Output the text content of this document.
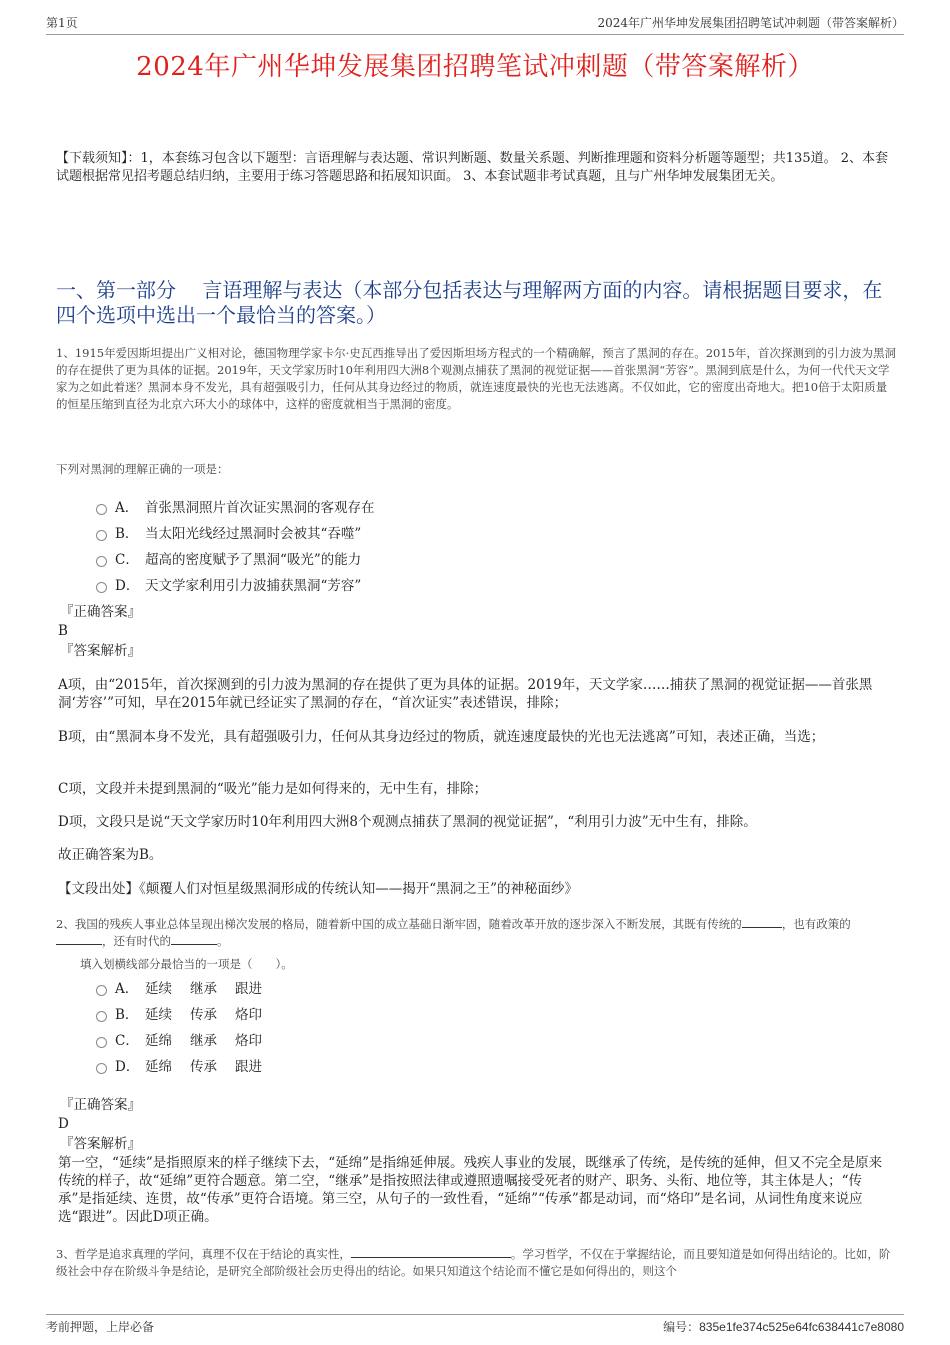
第1页	2024年广州华坤发展集团招聘笔试冲刺题（带答案解析）
2024年广州华坤发展集团招聘笔试冲刺题（带答案解析）
【下载须知】：1，本套练习包含以下题型：言语理解与表达题、常识判断题、数量关系题、判断推理题和资料分析题等题型；共135道。 2、本套试题根据常见招考题总结归纳，主要用于练习答题思路和拓展知识面。 3、本套试题非考试真题，且与广州华坤发展集团无关。
一、第一部分　 言语理解与表达（本部分包括表达与理解两方面的内容。请根据题目要求，在四个选项中选出一个最恰当的答案。）
1、1915年爱因斯坦提出广义相对论，德国物理学家卡尔·史瓦西推导出了爱因斯坦场方程式的一个精确解，预言了黑洞的存在。2015年，首次探测到的引力波为黑洞的存在提供了更为具体的证据。2019年，天文学家历时10年利用四大洲8个观测点捕获了黑洞的视觉证据——首张黑洞“芳容”。黑洞到底是什么，为何一代代天文学家为之如此着迷？黑洞本身不发光，具有超强吸引力，任何从其身边经过的物质，就连速度最快的光也无法逃离。不仅如此，它的密度出奇地大。把10倍于太阳质量的恒星压缩到直径为北京六环大小的球体中，这样的密度就相当于黑洞的密度。
下列对黑洞的理解正确的一项是：
A． 首张黑洞照片首次证实黑洞的客观存在
B． 当太阳光线经过黑洞时会被其“吞噬”
C． 超高的密度赋予了黑洞“吸光”的能力
D． 天文学家利用引力波捕获黑洞“芳容”
『正确答案』
B
『答案解析』
A项，由“2015年，首次探测到的引力波为黑洞的存在提供了更为具体的证据。2019年，天文学家……捕获了黑洞的视觉证据——首张黑洞‘芳容’”可知，早在2015年就已经证实了黑洞的存在，“首次证实”表述错误，排除；
B项，由“黑洞本身不发光，具有超强吸引力，任何从其身边经过的物质，就连速度最快的光也无法逃离”可知，表述正确，当选；
C项，文段并未提到黑洞的“吸光”能力是如何得来的，无中生有，排除；
D项，文段只是说“天文学家历时10年利用四大洲8个观测点捕获了黑洞的视觉证据”，“利用引力波”无中生有，排除。
故正确答案为B。
【文段出处】《颠覆人们对恒星级黑洞形成的传统认知——揭开“黑洞之王”的神秘面纱》
2、我国的残疾人事业总体呈现出梯次发展的格局，随着新中国的成立基础日渐牢固，随着改革开放的逐步深入不断发展，其既有传统的	，也有政策的，还有时代的	。
填入划横线部分最恰当的一项是（　　）。
A． 延续 继承 跟进
B． 延续 传承 烙印
C． 延绵 继承 烙印
D． 延绵 传承 跟进
『正确答案』
D
『答案解析』
第一空，“延续”是指照原来的样子继续下去，“延绵”是指绵延伸展。残疾人事业的发展，既继承了传统，是传统的延伸，但又不完全是原来传统的样子，故“延绵”更符合题意。第二空，“继承”是指按照法律或遵照遗嘱接受死者的财产、职务、头衔、地位等，其主体是人；“传承”是指延续、连贯，故“传承”更符合语境。第三空，从句子的一致性看，“延绵”“传承”都是动词，而“烙印”是名词，从词性角度来说应选“跟进”。因此D项正确。
3、哲学是追求真理的学问，真理不仅在于结论的真实性，	。学习哲学，不仅在于掌握结论，而且要知道是如何得出结论的。比如，阶级社会中存在阶级斗争是结论，是研究全部阶级社会历史得出的结论。如果只知道这个结论而不懂它是如何得出的，则这个
考前押题，上岸必备	编号：835e1fe374c525e64fc638441c7e8080
